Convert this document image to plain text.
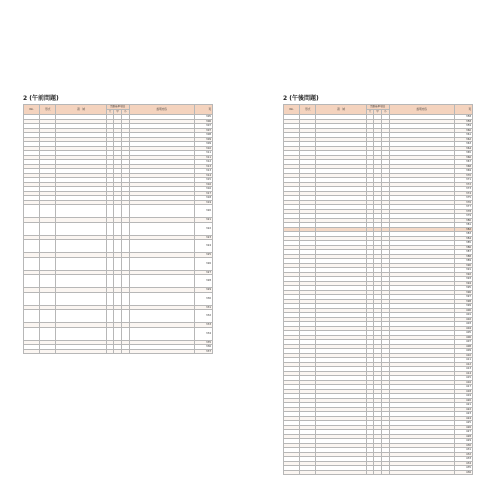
2 (午前問題)
No.	形式	領　域	出題基準項目			説明内容	頁
			大	中	小		
							305
							306
							307
							307
							308
							309
							309
							310
							311
							311
							312
							313
							313
							314
							315
							316
							316
							317
							318
							319
							320
							321
							322
							323
							324
							325
							326
							327
							328
							329
							330
							331
							332
							333
							334
							335
							336
							337
2 (午後問題)
No.	形式	領　域	出題基準項目			説明内容	頁
			大	中	小		
							358
							358
							359
							360
							361
							362
							363
							364
							365
							366
							367
							368
							369
							370
							371
							372
							373
							374
							375
							376
							377
							378
							379
							380
							381
							382
							383
							384
							385
							386
							387
							388
							389
							390
							391
							392
							393
							394
							395
							396
							397
							398
							399
							400
							401
							402
							403
							404
							405
							406
							407
							408
							409
							410
							411
							412
							413
							414
							415
							416
							417
							418
							419
							420
							421
							422
							423
							424
							425
							426
							427
							428
							429
							430
							431
							432
							433
							434
							435
							436
